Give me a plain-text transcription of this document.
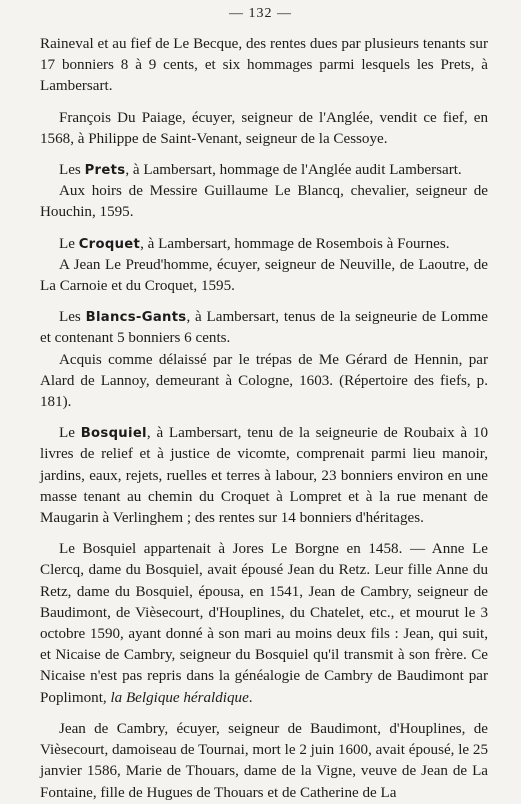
— 132 —

Raineval et au fief de Le Becque, des rentes dues par plusieurs tenants sur 17 bonniers 8 à 9 cents, et six hommages parmi lesquels les Prets, à Lambersart.

François Du Paiage, écuyer, seigneur de l'Anglée, vendit ce fief, en 1568, à Philippe de Saint-Venant, seigneur de la Cessoye.

Les Prets, à Lambersart, hommage de l'Anglée audit Lambersart.

Aux hoirs de Messire Guillaume Le Blancq, chevalier, seigneur de Houchin, 1595.

Le Croquet, à Lambersart, hommage de Rosembois à Fournes.

A Jean Le Preud'homme, écuyer, seigneur de Neuville, de Laoutre, de La Carnoie et du Croquet, 1595.

Les Blancs-Gants, à Lambersart, tenus de la seigneurie de Lomme et contenant 5 bonniers 6 cents.

Acquis comme délaissé par le trépas de Me Gérard de Hennin, par Alard de Lannoy, demeurant à Cologne, 1603. (Répertoire des fiefs, p. 181).

Le Bosquiel, à Lambersart, tenu de la seigneurie de Roubaix à 10 livres de relief et à justice de vicomte, comprenait parmi lieu manoir, jardins, eaux, rejets, ruelles et terres à labour, 23 bonniers environ en une masse tenant au chemin du Croquet à Lompret et à la rue menant de Maugarin à Verlinghem ; des rentes sur 14 bonniers d'héritages.

Le Bosquiel appartenait à Jores Le Borgne en 1458. — Anne Le Clercq, dame du Bosquiel, avait épousé Jean du Retz. Leur fille Anne du Retz, dame du Bosquiel, épousa, en 1541, Jean de Cambry, seigneur de Baudimont, de Vièsecourt, d'Houplines, du Chatelet, etc., et mourut le 3 octobre 1590, ayant donné à son mari au moins deux fils : Jean, qui suit, et Nicaise de Cambry, seigneur du Bosquiel qu'il transmit à son frère. Ce Nicaise n'est pas repris dans la généalogie de Cambry de Baudimont par Poplimont, la Belgique héraldique.

Jean de Cambry, écuyer, seigneur de Baudimont, d'Houplines, de Vièsecourt, damoiseau de Tournai, mort le 2 juin 1600, avait épousé, le 25 janvier 1586, Marie de Thouars, dame de la Vigne, veuve de Jean de La Fontaine, fille de Hugues de Thouars et de Catherine de La
